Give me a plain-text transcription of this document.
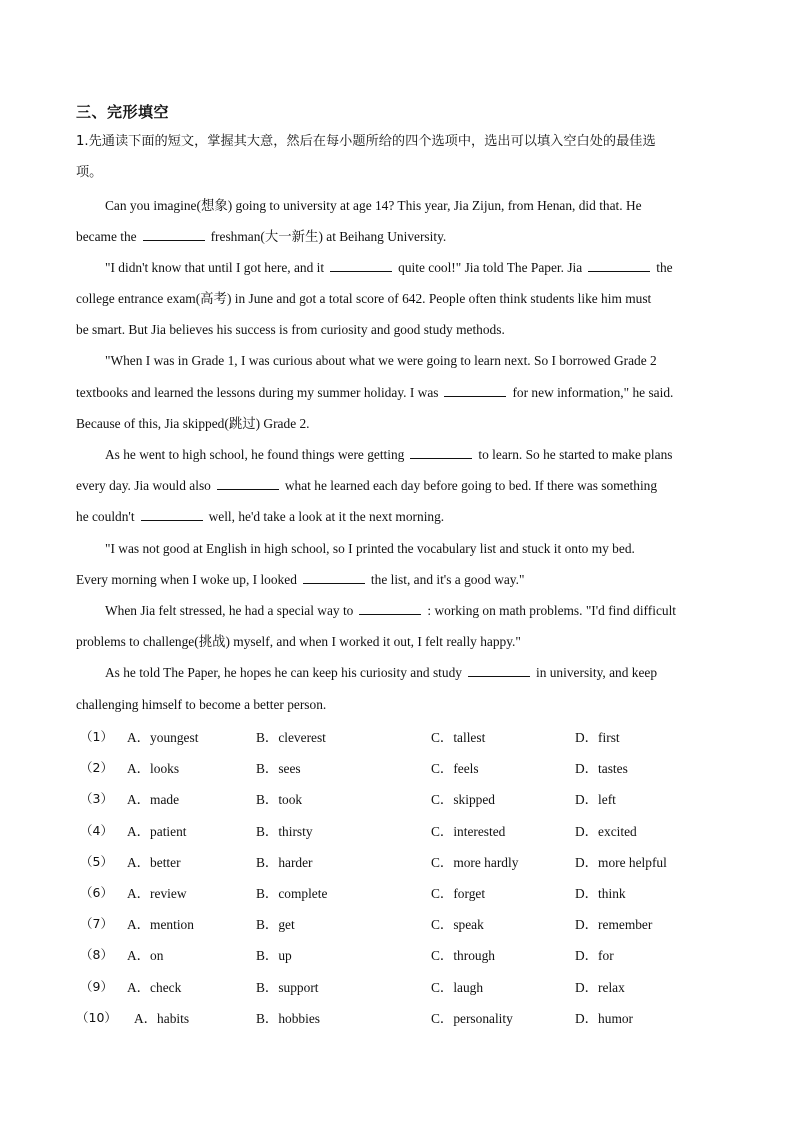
三、完形填空
1.先通读下面的短文，掌握其大意，然后在每小题所给的四个选项中，选出可以填入空白处的最佳选
项。
Can you imagine(想象) going to university at age 14? This year, Jia Zijun, from Henan, did that. He
became the	freshman(大一新生) at Beihang University.
"I didn't know that until I got here, and it	quite cool!" Jia told The Paper. Jia	the
college entrance exam(高考) in June and got a total score of 642. People often think students like him must
be smart. But Jia believes his success is from curiosity and good study methods.
"When I was in Grade 1, I was curious about what we were going to learn next. So I borrowed Grade 2
textbooks and learned the lessons during my summer holiday. I was	for new information," he said.
Because of this, Jia skipped(跳过) Grade 2.
As he went to high school, he found things were getting	to learn. So he started to make plans
every day. Jia would also	what he learned each day before going to bed. If there was something
he couldn't	well, he'd take a look at it the next morning.
"I was not good at English in high school, so I printed the vocabulary list and stuck it onto my bed.
Every morning when I woke up, I looked	the list, and it's a good way."
When Jia felt stressed, he had a special way to	: working on math problems. "I'd find difficult
problems to challenge(挑战) myself, and when I worked it out, I felt really happy."
As he told The Paper, he hopes he can keep his curiosity and study	in university, and keep
challenging himself to become a better person.
（1） A．youngest	B．cleverest	C．tallest	D．first
（2） A．looks	B．sees	C．feels	D．tastes
（3） A．made	B．took	C．skipped	D．left
（4） A．patient	B．thirsty	C．interested	D．excited
（5） A．better	B．harder	C．more hardly	D．more helpful
（6） A．review	B．complete	C．forget	D．think
（7） A．mention	B．get	C．speak	D．remember
（8） A．on	B．up	C．through	D．for
（9） A．check	B．support	C．laugh	D．relax
（10） A．habits	B．hobbies	C．personality	D．humor
